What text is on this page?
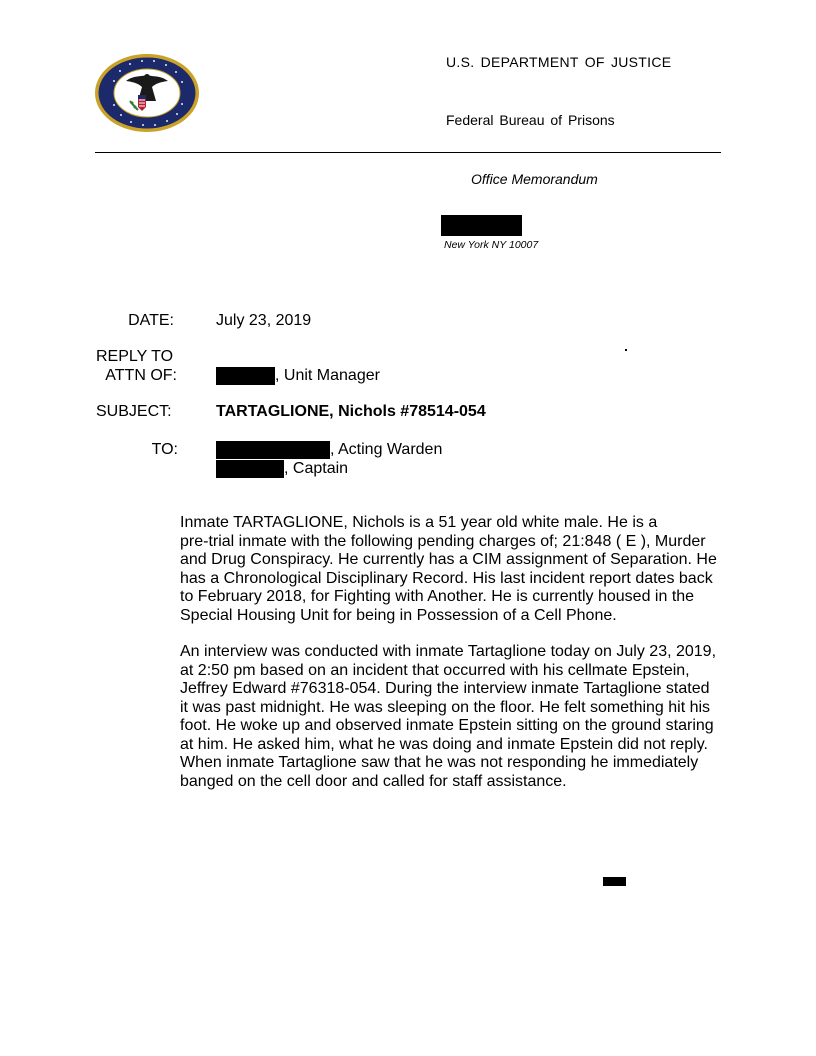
U.S. DEPARTMENT OF JUSTICE
Federal Bureau of Prisons
Office Memorandum
New York NY 10007
DATE:	July 23, 2019
REPLY TO
ATTN OF:	, Unit Manager
SUBJECT:	TARTAGLIONE, Nichols #78514-054
TO:	, Acting Warden
, Captain
Inmate TARTAGLIONE, Nichols is a 51 year old white male. He is a
pre-trial inmate with the following pending charges of; 21:848 ( E ), Murder
and Drug Conspiracy. He currently has a CIM assignment of Separation. He
has a Chronological Disciplinary Record. His last incident report dates back
to February 2018, for Fighting with Another. He is currently housed in the
Special Housing Unit for being in Possession of a Cell Phone.
An interview was conducted with inmate Tartaglione today on July 23, 2019,
at 2:50 pm based on an incident that occurred with his cellmate Epstein,
Jeffrey Edward #76318-054. During the interview inmate Tartaglione stated
it was past midnight. He was sleeping on the floor. He felt something hit his
foot. He woke up and observed inmate Epstein sitting on the ground staring
at him. He asked him, what he was doing and inmate Epstein did not reply.
When inmate Tartaglione saw that he was not responding he immediately
banged on the cell door and called for staff assistance.
